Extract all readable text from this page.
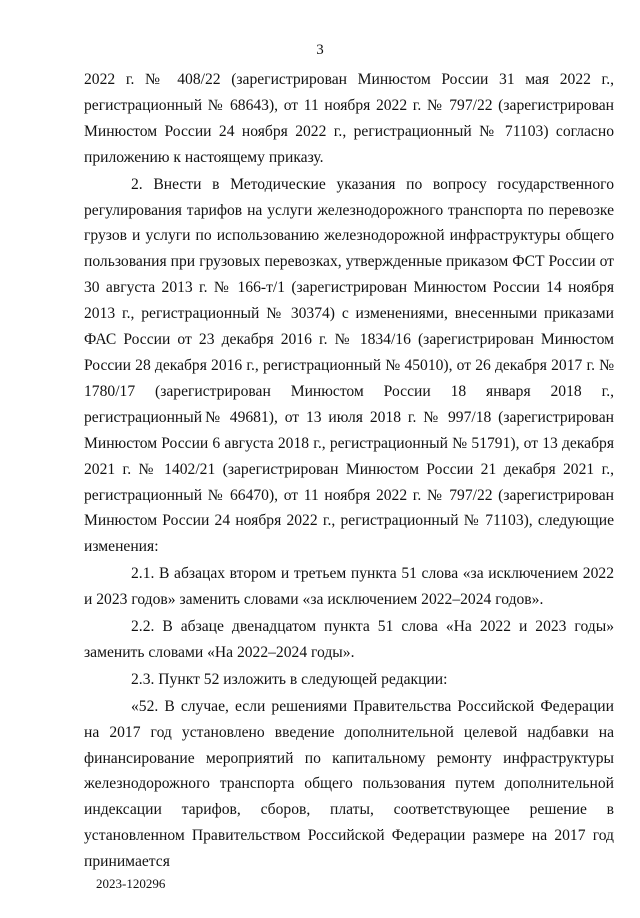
3

2022 г. № 408/22 (зарегистрирован Минюстом России 31 мая 2022 г., регистрационный № 68643), от 11 ноября 2022 г. № 797/22 (зарегистрирован Минюстом России 24 ноября 2022 г., регистрационный № 71103) согласно приложению к настоящему приказу.

2. Внести в Методические указания по вопросу государственного регулирования тарифов на услуги железнодорожного транспорта по перевозке грузов и услуги по использованию железнодорожной инфраструктуры общего пользования при грузовых перевозках, утвержденные приказом ФСТ России от 30 августа 2013 г. № 166-т/1 (зарегистрирован Минюстом России 14 ноября 2013 г., регистрационный № 30374) с изменениями, внесенными приказами ФАС России от 23 декабря 2016 г. № 1834/16 (зарегистрирован Минюстом России 28 декабря 2016 г., регистрационный № 45010), от 26 декабря 2017 г. № 1780/17 (зарегистрирован Минюстом России 18 января 2018 г., регистрационный№ 49681), от 13 июля 2018 г. № 997/18 (зарегистрирован Минюстом России 6 августа 2018 г., регистрационный № 51791), от 13 декабря 2021 г. № 1402/21 (зарегистрирован Минюстом России 21 декабря 2021 г., регистрационный № 66470), от 11 ноября 2022 г. № 797/22 (зарегистрирован Минюстом России 24 ноября 2022 г., регистрационный № 71103), следующие изменения:

2.1. В абзацах втором и третьем пункта 51 слова «за исключением 2022 и 2023 годов» заменить словами «за исключением 2022–2024 годов».

2.2. В абзаце двенадцатом пункта 51 слова «На 2022 и 2023 годы» заменить словами «На 2022–2024 годы».

2.3. Пункт 52 изложить в следующей редакции:

«52. В случае, если решениями Правительства Российской Федерации на 2017 год установлено введение дополнительной целевой надбавки на финансирование мероприятий по капитальному ремонту инфраструктуры железнодорожного транспорта общего пользования путем дополнительной индексации тарифов, сборов, платы, соответствующее решение в установленном Правительством Российской Федерации размере на 2017 год принимается

2023-120296
